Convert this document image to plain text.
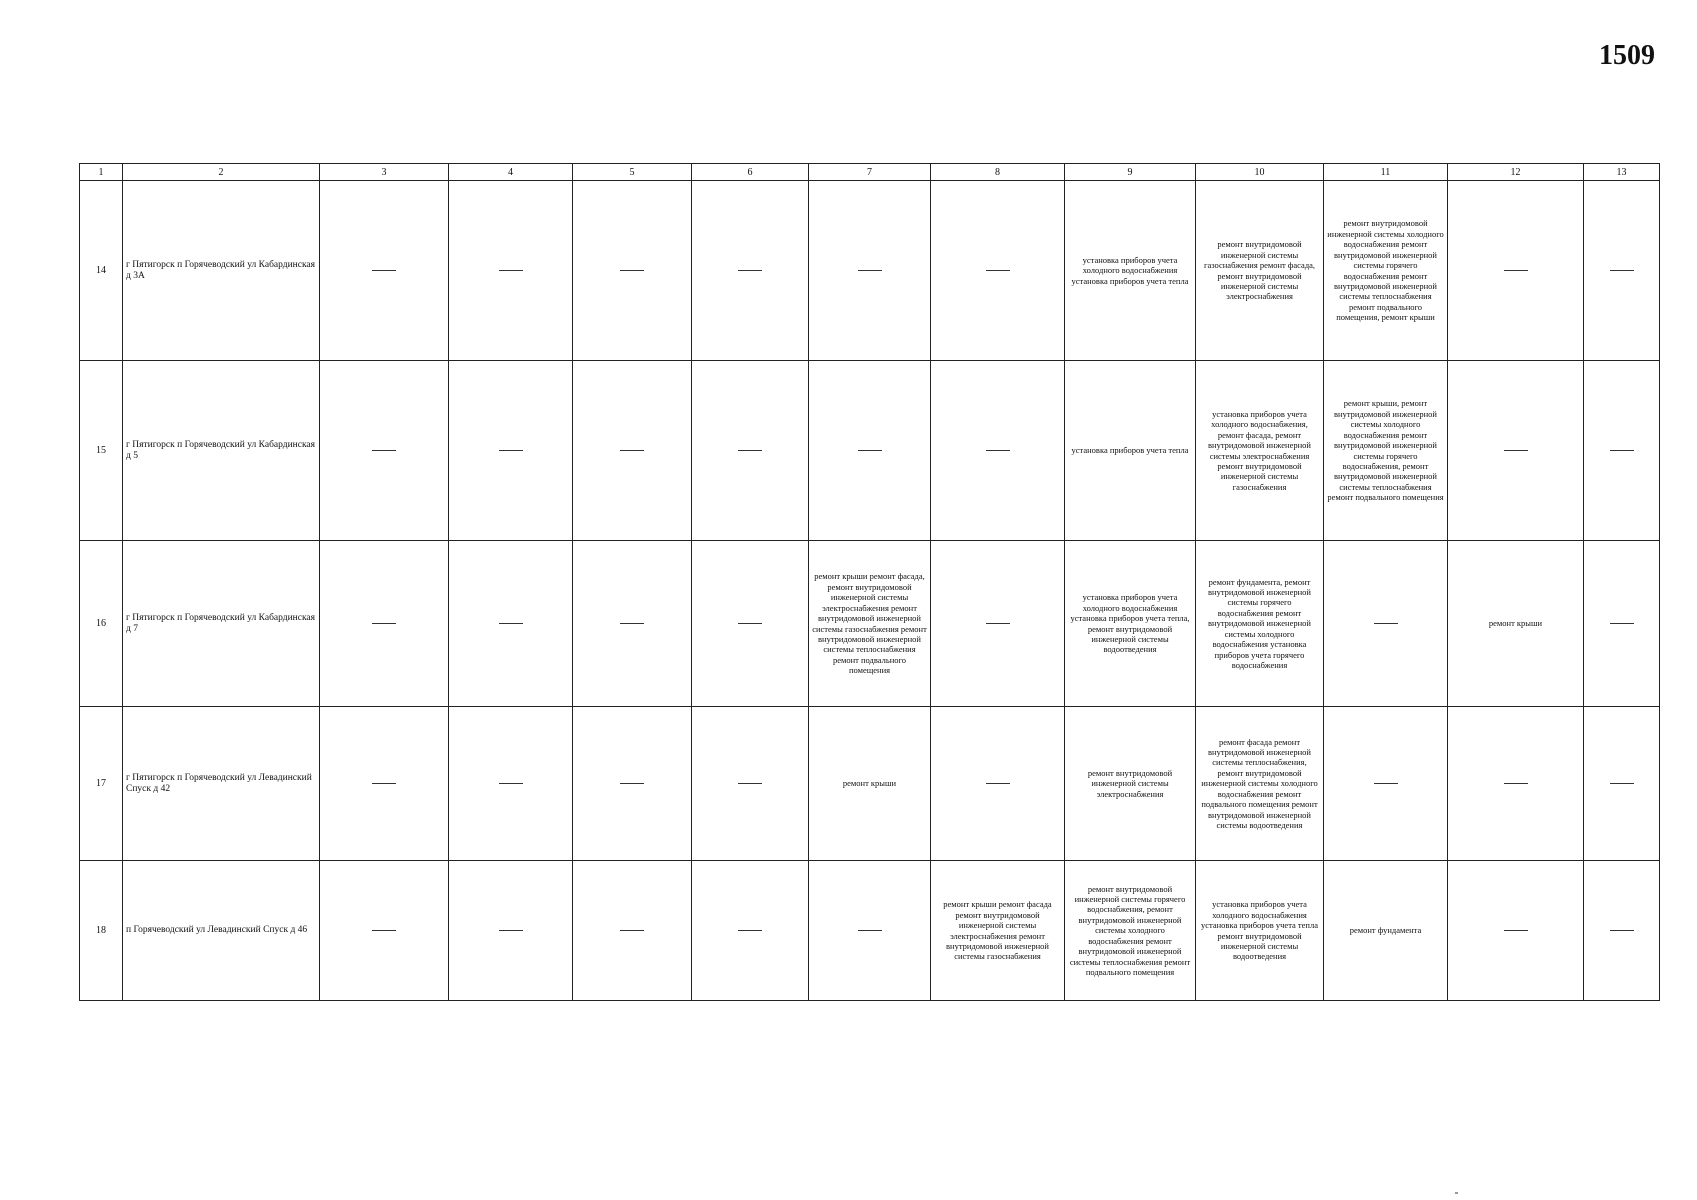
1509
1	2	3	4	5	6	7	8	9	10	11	12	13
14	г Пятигорск п Горячеводский ул Кабардинская д 3А							установка приборов учета холодного водоснабжения установка приборов учета тепла	ремонт внутридомовой инженерной системы газоснабжения ремонт фасада, ремонт внутридомовой инженерной системы электроснабжения	ремонт внутридомовой инженерной системы холодного водоснабжения ремонт внутридомовой инженерной системы горячего водоснабжения ремонт внутридомовой инженерной системы теплоснабжения ремонт подвального помещения, ремонт крыши		
15	г Пятигорск п Горячеводский ул Кабардинская д 5							установка приборов учета тепла	установка приборов учета холодного водоснабжения, ремонт фасада, ремонт внутридомовой инженерной системы электроснабжения ремонт внутридомовой инженерной системы газоснабжения	ремонт крыши, ремонт внутридомовой инженерной системы холодного водоснабжения ремонт внутридомовой инженерной системы горячего водоснабжения, ремонт внутридомовой инженерной системы теплоснабжения ремонт подвального помещения		
16	г Пятигорск п Горячеводский ул Кабардинская д 7					ремонт крыши ремонт фасада, ремонт внутридомовой инженерной системы электроснабжения ремонт внутридомовой инженерной системы газоснабжения ремонт внутридомовой инженерной системы теплоснабжения ремонт подвального помещения		установка приборов учета холодного водоснабжения установка приборов учета тепла, ремонт внутридомовой инженерной системы водоотведения	ремонт фундамента, ремонт внутридомовой инженерной системы горячего водоснабжения ремонт внутридомовой инженерной системы холодного водоснабжения установка приборов учета горячего водоснабжения		ремонт крыши	
17	г Пятигорск п Горячеводский ул Левадинский Спуск д 42					ремонт крыши		ремонт внутридомовой инженерной системы электроснабжения	ремонт фасада ремонт внутридомовой инженерной системы теплоснабжения, ремонт внутридомовой инженерной системы холодного водоснабжения ремонт подвального помещения ремонт внутридомовой инженерной системы водоотведения			
18	п Горячеводский ул Левадинский Спуск д 46						ремонт крыши ремонт фасада ремонт внутридомовой инженерной системы электроснабжения ремонт внутридомовой инженерной системы газоснабжения	ремонт внутридомовой инженерной системы горячего водоснабжения, ремонт внутридомовой инженерной системы холодного водоснабжения ремонт внутридомовой инженерной системы теплоснабжения ремонт подвального помещения	установка приборов учета холодного водоснабжения установка приборов учета тепла ремонт внутридомовой инженерной системы водоотведения	ремонт фундамента		
